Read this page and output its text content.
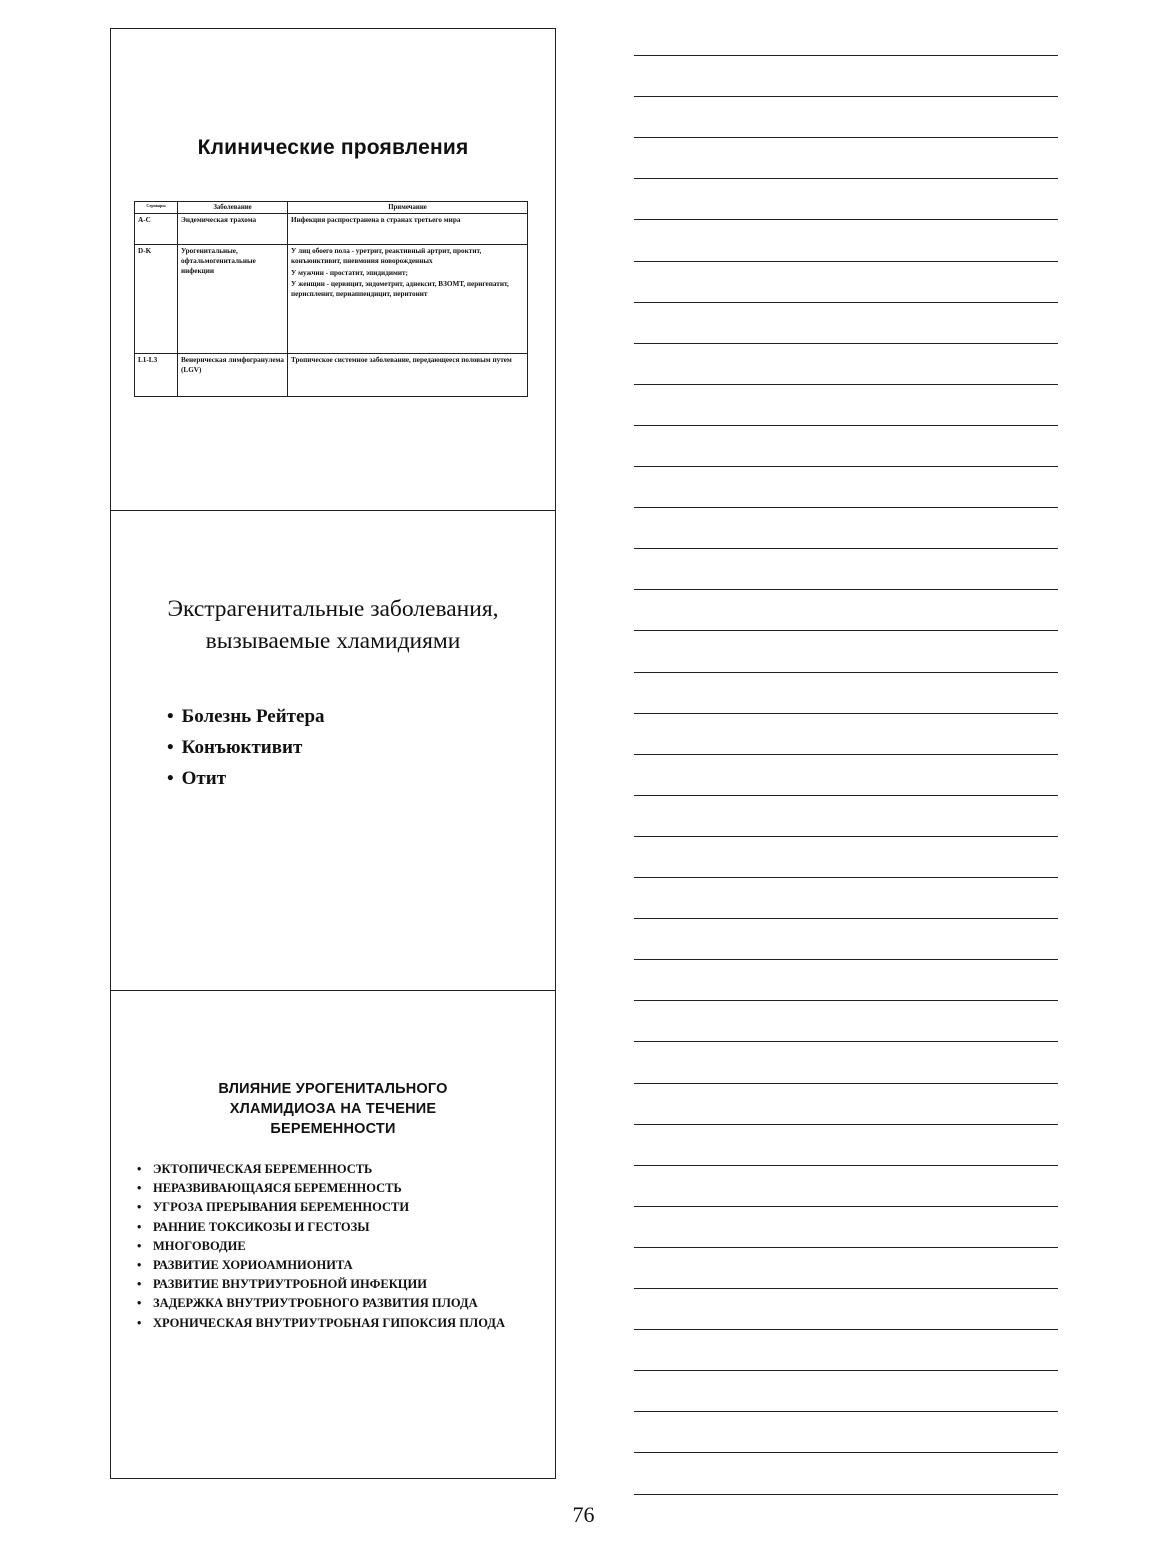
Клинические проявления
Серовары	Заболевание	Примечание
A-C	Эндемическая трахома	Инфекция распространена в странах третьего мира

D-K	Урогенитальные, офтальмогенитальные инфекции	У лиц обоего пола - уретрит, реактивный артрит, проктит, конъюнктивит, пневмония новорожденных

У мужчин - простатит, эпидидимит;

У женщин - цервицит, эндометрит, аднексит, ВЗОМТ, перигепатит, периспленит, периаппендицит, перитонит

L1-L3	Венерическая лимфогранулема (LGV)	Тропическое системное заболевание, передающееся половым путем

Экстрагенитальные заболевания,
вызываемые хламидиями
• Болезнь Рейтера
• Конъюктивит
• Отит
ВЛИЯНИЕ УРОГЕНИТАЛЬНОГО
ХЛАМИДИОЗА НА ТЕЧЕНИЕ
БЕРЕМЕННОСТИ
• ЭКТОПИЧЕСКАЯ БЕРЕМЕННОСТЬ
• НЕРАЗВИВАЮЩАЯСЯ БЕРЕМЕННОСТЬ
• УГРОЗА ПРЕРЫВАНИЯ БЕРЕМЕННОСТИ
• РАННИЕ ТОКСИКОЗЫ И ГЕСТОЗЫ
• МНОГОВОДИЕ
• РАЗВИТИЕ ХОРИОАМНИОНИТА
• РАЗВИТИЕ ВНУТРИУТРОБНОЙ ИНФЕКЦИИ
• ЗАДЕРЖКА ВНУТРИУТРОБНОГО РАЗВИТИЯ ПЛОДА
• ХРОНИЧЕСКАЯ ВНУТРИУТРОБНАЯ ГИПОКСИЯ ПЛОДА
76
